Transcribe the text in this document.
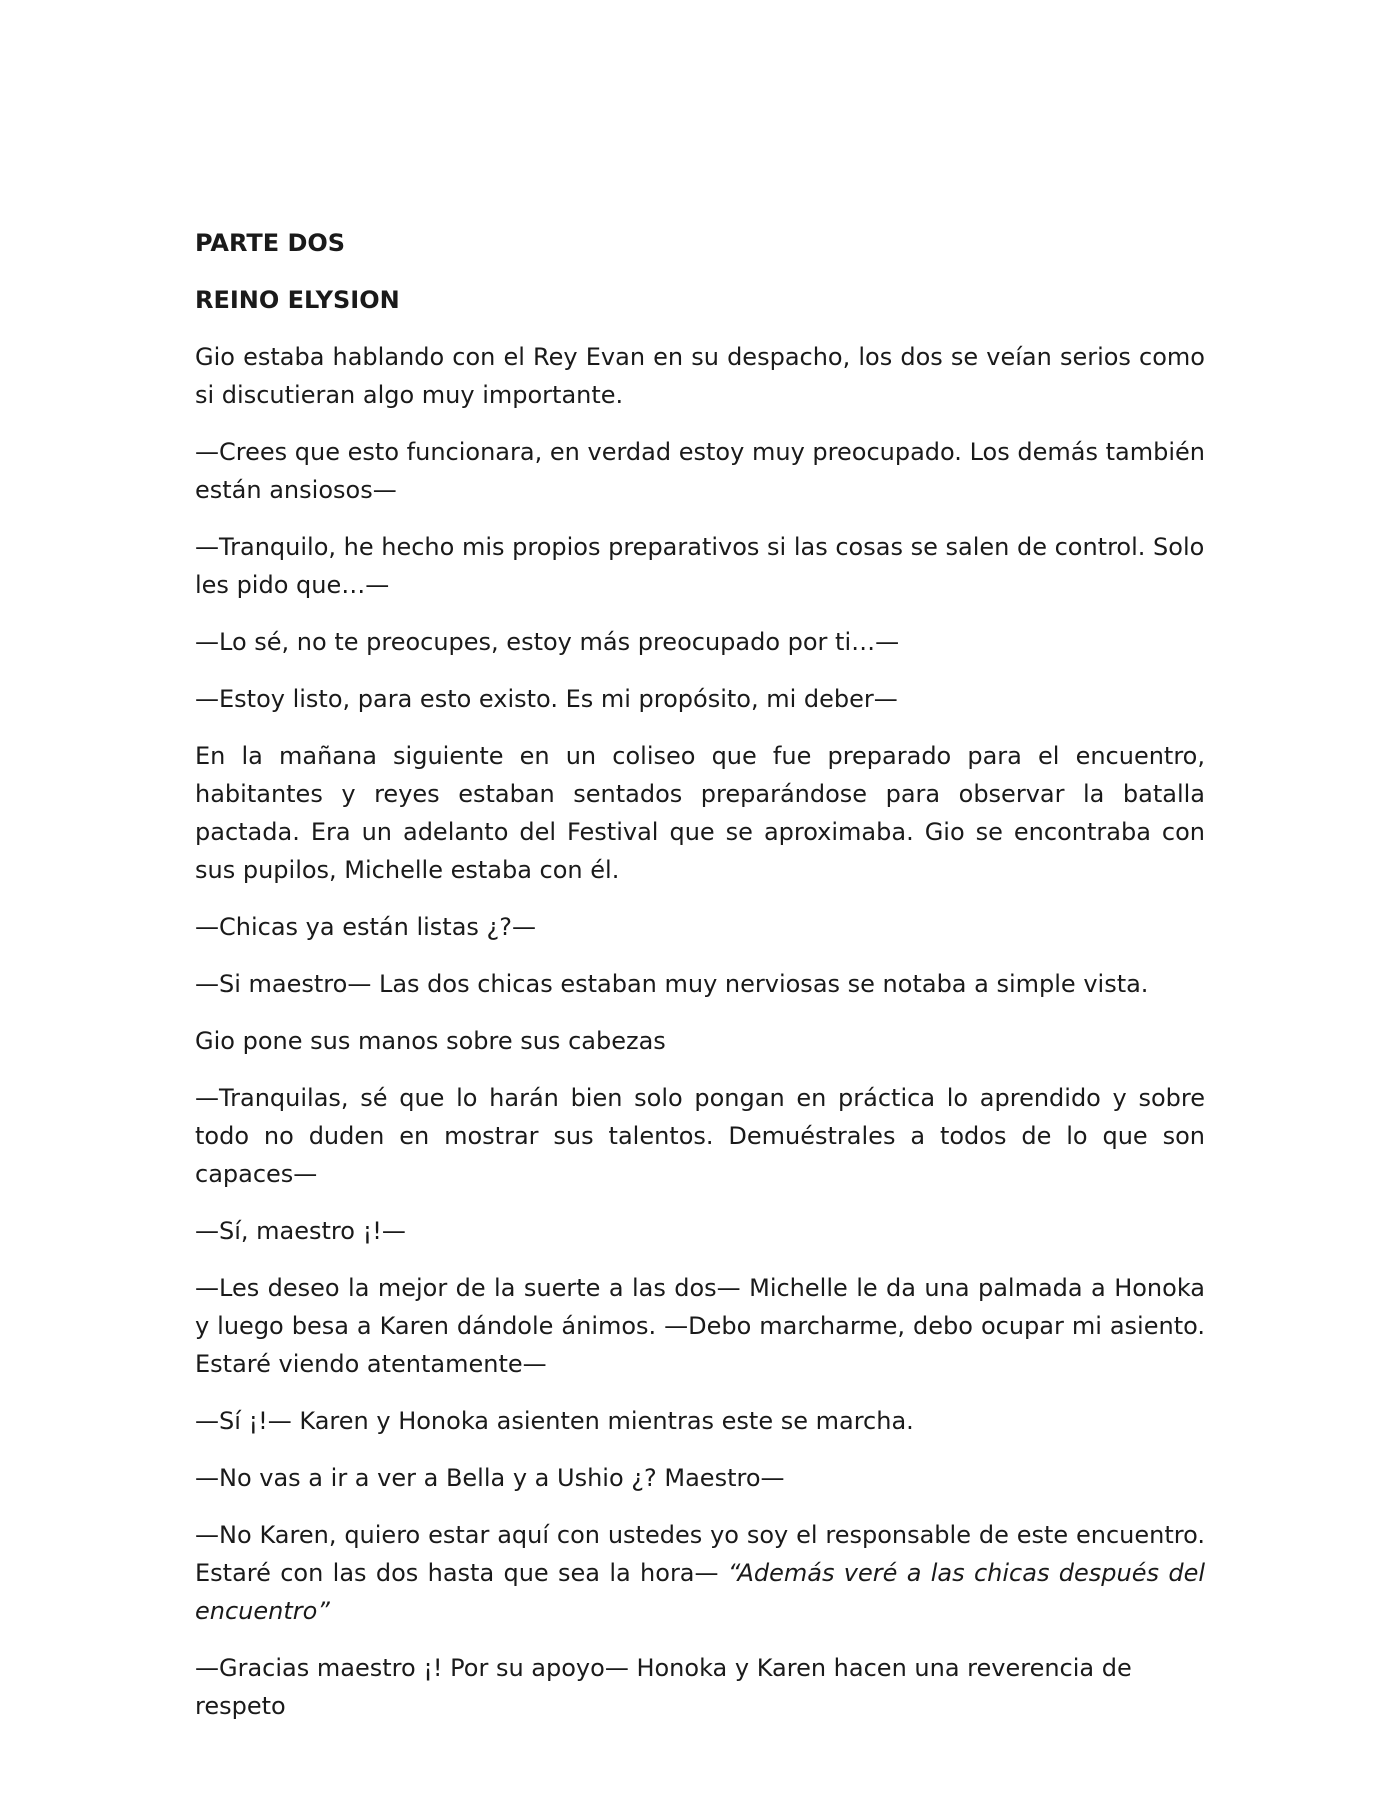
PARTE DOS
REINO ELYSION

Gio estaba hablando con el Rey Evan en su despacho, los dos se veían serios como si discutieran algo muy importante.

—Crees que esto funcionara, en verdad estoy muy preocupado. Los demás también están ansiosos—

—Tranquilo, he hecho mis propios preparativos si las cosas se salen de control. Solo les pido que…—

—Lo sé, no te preocupes, estoy más preocupado por ti…—

—Estoy listo, para esto existo. Es mi propósito, mi deber—

En la mañana siguiente en un coliseo que fue preparado para el encuentro, habitantes y reyes estaban sentados preparándose para observar la batalla pactada. Era un adelanto del Festival que se aproximaba. Gio se encontraba con sus pupilos, Michelle estaba con él.

—Chicas ya están listas ¿?—

—Si maestro— Las dos chicas estaban muy nerviosas se notaba a simple vista.

Gio pone sus manos sobre sus cabezas

—Tranquilas, sé que lo harán bien solo pongan en práctica lo aprendido y sobre todo no duden en mostrar sus talentos. Demuéstrales a todos de lo que son capaces—

—Sí, maestro ¡!—

—Les deseo la mejor de la suerte a las dos— Michelle le da una palmada a Honoka y luego besa a Karen dándole ánimos. —Debo marcharme, debo ocupar mi asiento. Estaré viendo atentamente—

—Sí ¡!— Karen y Honoka asienten mientras este se marcha.

—No vas a ir a ver a Bella y a Ushio ¿? Maestro—

—No Karen, quiero estar aquí con ustedes yo soy el responsable de este encuentro. Estaré con las dos hasta que sea la hora— “Además veré a las chicas después del encuentro”

—Gracias maestro ¡! Por su apoyo— Honoka y Karen hacen una reverencia de respeto
